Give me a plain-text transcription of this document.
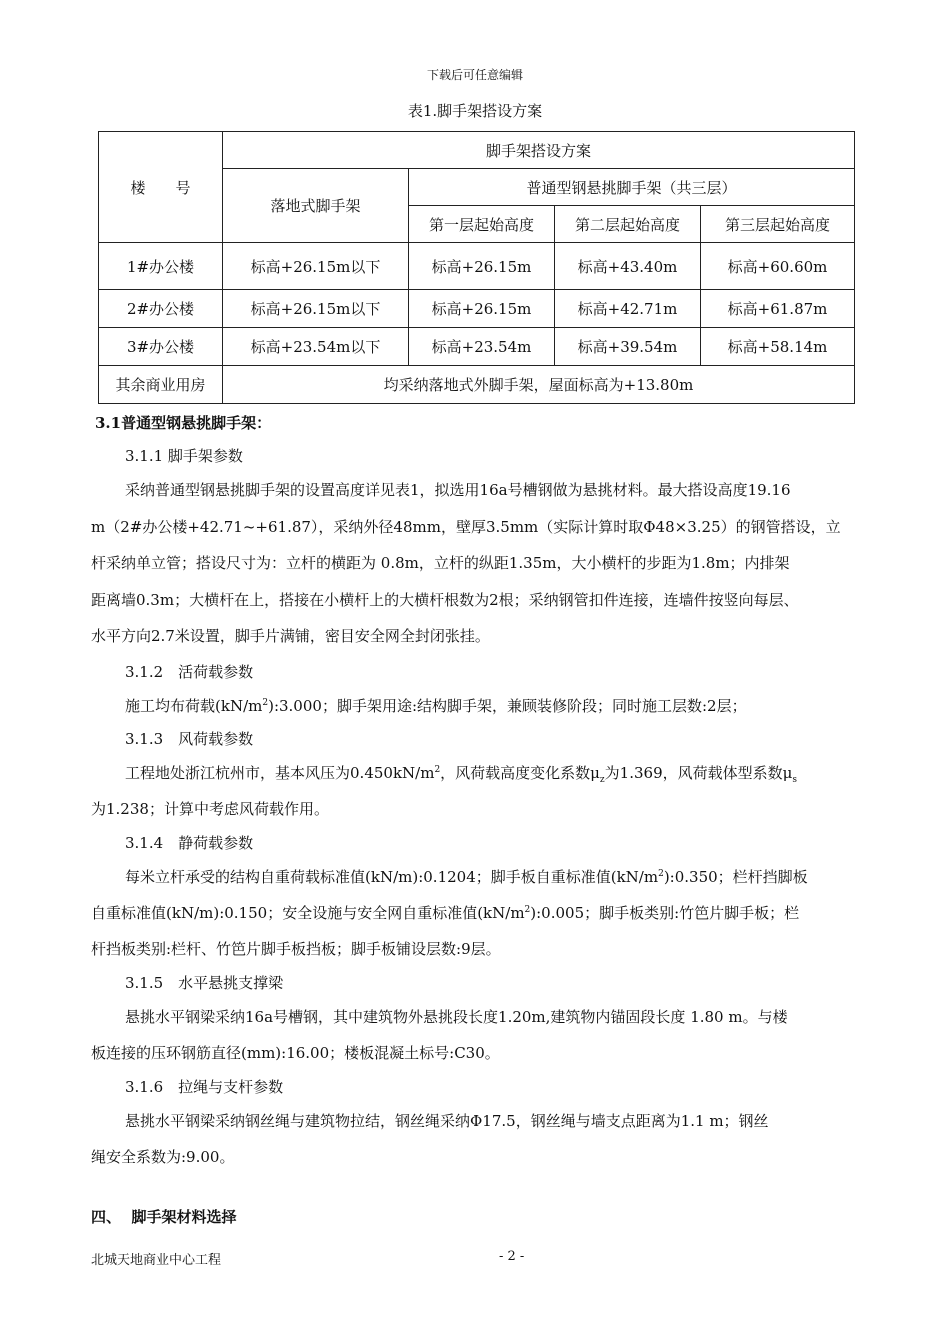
下载后可任意编辑
表1.脚手架搭设方案
楼　　号	脚手架搭设方案			
	落地式脚手架	普通型钢悬挑脚手架（共三层）		
		第一层起始高度	第二层起始高度	第三层起始高度
1#办公楼	标高+26.15m以下	标高+26.15m	标高+43.40m	标高+60.60m
2#办公楼	标高+26.15m以下	标高+26.15m	标高+42.71m	标高+61.87m
3#办公楼	标高+23.54m以下	标高+23.54m	标高+39.54m	标高+58.14m
其余商业用房	均采纳落地式外脚手架，屋面标高为+13.80m			
3.1普通型钢悬挑脚手架：
3.1.1 脚手架参数
采纳普通型钢悬挑脚手架的设置高度详见表1，拟选用16a号槽钢做为悬挑材料。最大搭设高度19.16
m（2#办公楼+42.71~+61.87），采纳外径48mm，壁厚3.5mm（实际计算时取Φ48×3.25）的钢管搭设，立
杆采纳单立管；搭设尺寸为：立杆的横距为 0.8m，立杆的纵距1.35m，大小横杆的步距为1.8m；内排架
距离墙0.3m；大横杆在上，搭接在小横杆上的大横杆根数为2根；采纳钢管扣件连接，连墙件按竖向每层、
水平方向2.7米设置，脚手片满铺，密目安全网全封闭张挂。
3.1.2　活荷载参数
施工均布荷载$(kN/m^2):3.000$；脚手架用途:结构脚手架，兼顾装修阶段；同时施工层数:2层；
3.1.3　风荷载参数
工程地处浙江杭州市，基本风压为$0.450kN/m^2$，风荷载高度变化系数$\mu_z$为1.369，风荷载体型系数$\mu_s$
为1.238；计算中考虑风荷载作用。
3.1.4　静荷载参数
每米立杆承受的结构自重荷载标准值(kN/m):0.1204；脚手板自重标准值$(kN/m^2):0.350$；栏杆挡脚板
自重标准值(kN/m):0.150；安全设施与安全网自重标准值$(kN/m^2):0.005$；脚手板类别:竹笆片脚手板；栏
杆挡板类别:栏杆、竹笆片脚手板挡板；脚手板铺设层数:9层。
3.1.5　水平悬挑支撑梁
悬挑水平钢梁采纳16a号槽钢，其中建筑物外悬挑段长度1.20m,建筑物内锚固段长度 1.80 m。与楼
板连接的压环钢筋直径(mm):16.00；楼板混凝土标号:C30。
3.1.6　拉绳与支杆参数
悬挑水平钢梁采纳钢丝绳与建筑物拉结，钢丝绳采纳Φ17.5，钢丝绳与墙支点距离为1.1 m；钢丝
绳安全系数为:9.00。
四、  脚手架材料选择
北城天地商业中心工程	- 2 -
